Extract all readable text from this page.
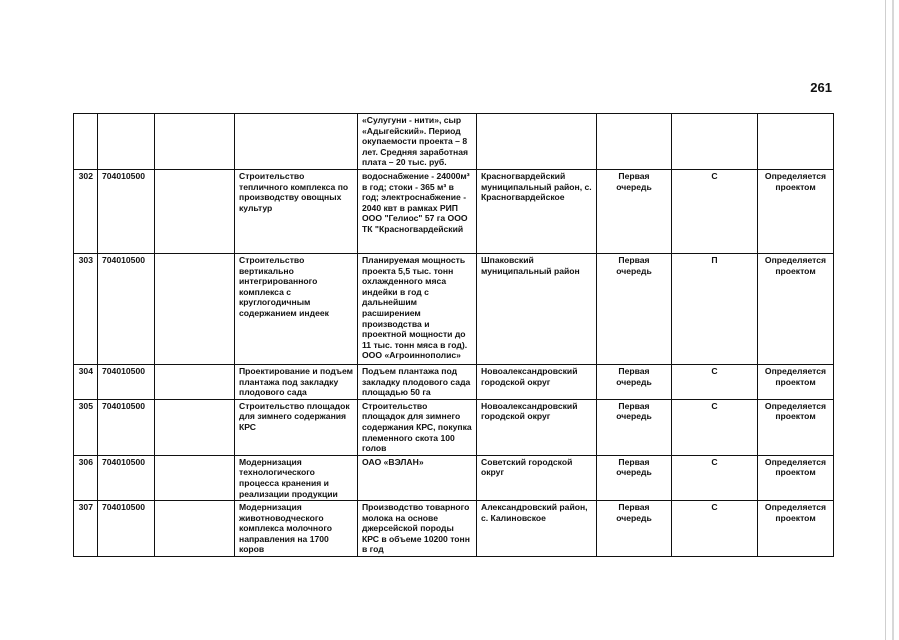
261
				«Сулугуни - нити», сыр «Адыгейский». Период окупаемости проекта – 8 лет. Средняя заработная плата – 20 тыс. руб.				
302	704010500		Строительство тепличного комплекса по производству овощных культур	водоснабжение - 24000м³ в год; стоки - 365 м³ в год; электроснабжение - 2040 квт в рамках РИП ООО "Гелиос" 57 га ООО ТК "Красногвардейский	Красногвардейский муниципальный район, с. Красногвардейское	Первая очередь	С	Определяется проектом
303	704010500		Строительство вертикально интегрированного комплекса с круглогодичным содержанием индеек	Планируемая мощность проекта 5,5 тыс. тонн охлажденного мяса индейки в год с дальнейшим расширением производства и проектной мощности до 11 тыс. тонн мяса в год). ООО «Агроиннополис»	Шпаковский муниципальный район	Первая очередь	П	Определяется проектом
304	704010500		Проектирование и подъем плантажа под закладку плодового сада	Подъем плантажа под закладку плодового сада площадью 50 га	Новоалександровский городской округ	Первая очередь	С	Определяется проектом
305	704010500		Строительство площадок для зимнего содержания КРС	Строительство площадок для зимнего содержания КРС, покупка племенного скота 100 голов	Новоалександровский городской округ	Первая очередь	С	Определяется проектом
306	704010500		Модернизация технологического процесса кранения и реализации продукции	ОАО «ВЭЛАН»	Советский городской округ	Первая очередь	С	Определяется проектом
307	704010500		Модернизация животноводческого комплекса молочного направления на 1700 коров	Производство товарного молока на основе джерсейской породы КРС в объеме 10200 тонн в год	Александровский район, с. Калиновское	Первая очередь	С	Определяется проектом
